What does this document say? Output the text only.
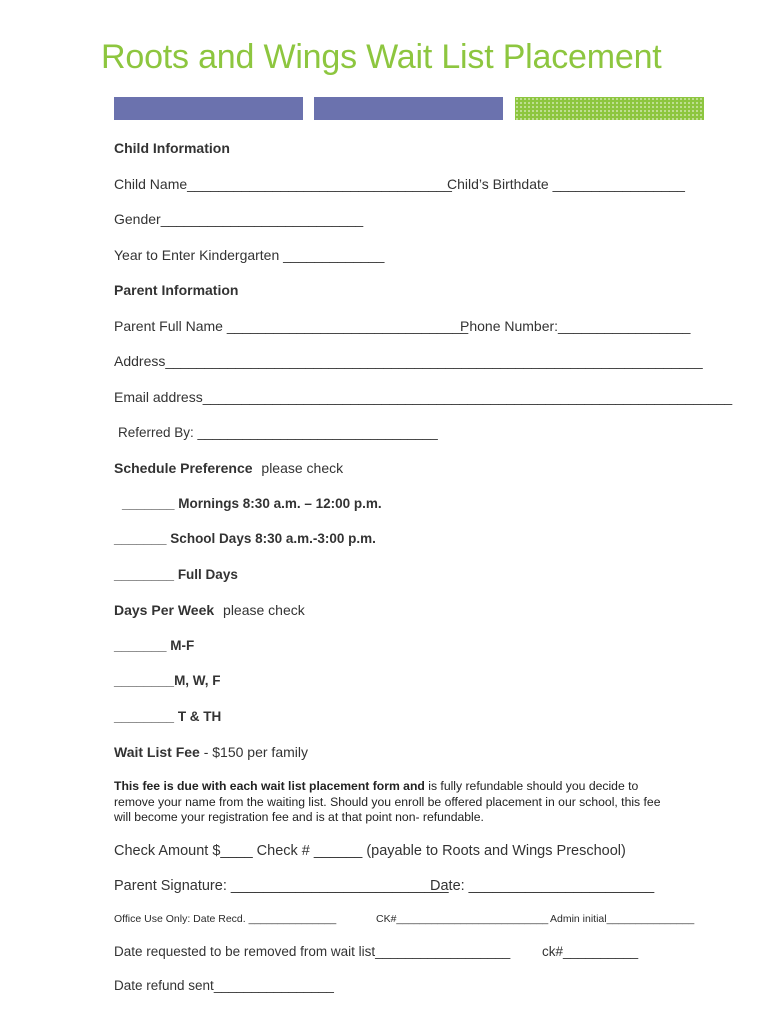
Roots and Wings Wait List Placement
Child Information
Child Name__________________________________
Child’s Birthdate _________________
Gender__________________________
Year to Enter Kindergarten _____________
Parent Information
Parent Full Name _______________________________
Phone Number:_________________
Address_____________________________________________________________________
Email address____________________________________________________________________
Referred By: ________________________________
Schedule Preference please check
_______ Mornings 8:30 a.m. – 12:00 p.m.
_______ School Days 8:30 a.m.-3:00 p.m.
________ Full Days
Days Per Week please check
_______ M-F
________M, W, F
________ T & TH
Wait List Fee - $150 per family
This fee is due with each wait list placement form and is fully refundable should you decide to
remove your name from the waiting list. Should you enroll be offered placement in our school, this fee
will become your registration fee and is at that point non- refundable.
Check Amount $____ Check # ______ (payable to Roots and Wings Preschool)
Parent Signature: ___________________________
Date: _______________________
Office Use Only: Date Recd. _______________	CK#__________________________ Admin initial_______________
Date requested to be removed from wait list__________________ ck#__________
Date refund sent________________
